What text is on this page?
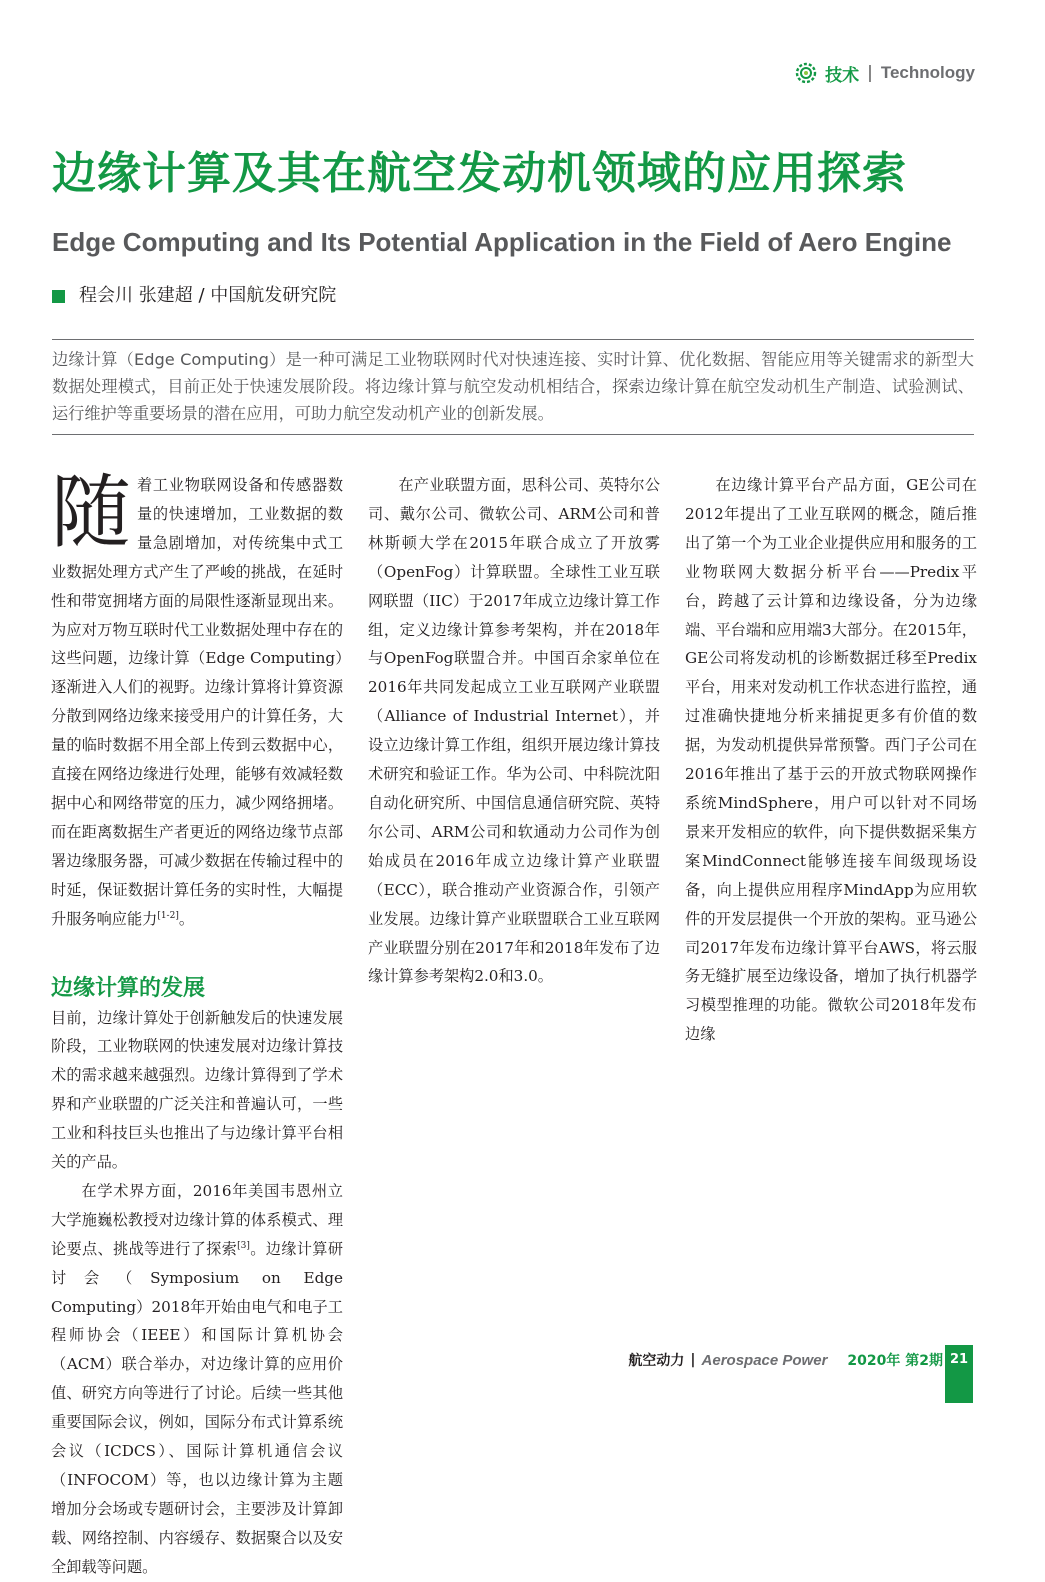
技术 | Technology
边缘计算及其在航空发动机领域的应用探索
Edge Computing and Its Potential Application in the Field of Aero Engine
程会川 张建超 / 中国航发研究院
边缘计算（Edge Computing）是一种可满足工业物联网时代对快速连接、实时计算、优化数据、智能应用等关键需求的新型大数据处理模式，目前正处于快速发展阶段。将边缘计算与航空发动机相结合，探索边缘计算在航空发动机生产制造、试验测试、运行维护等重要场景的潜在应用，可助力航空发动机产业的创新发展。
随 着工业物联网设备和传感器数量的快速增加，工业数据的数量急剧增加，对传统集中式工业数据处理方式产生了严峻的挑战，在延时性和带宽拥堵方面的局限性逐渐显现出来。为应对万物互联时代工业数据处理中存在的这些问题，边缘计算（Edge Computing）逐渐进入人们的视野。边缘计算将计算资源分散到网络边缘来接受用户的计算任务，大量的临时数据不用全部上传到云数据中心，直接在网络边缘进行处理，能够有效减轻数据中心和网络带宽的压力，减少网络拥堵。而在距离数据生产者更近的网络边缘节点部署边缘服务器，可减少数据在传输过程中的时延，保证数据计算任务的实时性，大幅提升服务响应能力[1-2]。

边缘计算的发展

目前，边缘计算处于创新触发后的快速发展阶段，工业物联网的快速发展对边缘计算技术的需求越来越强烈。边缘计算得到了学术界和产业联盟的广泛关注和普遍认可，一些工业和科技巨头也推出了与边缘计算平台相关的产品。

在学术界方面，2016年美国韦恩州立大学施巍松教授对边缘计算的体系模式、理论要点、挑战等进行了探索[3]。边缘计算研讨会（Symposium on Edge Computing）2018年开始由电气和电子工程师协会（IEEE）和国际计算机协会（ACM）联合举办，对边缘计算的应用价值、研究方向等进行了讨论。后续一些其他重要国际会议，例如，国际分布式计算系统会议（ICDCS）、国际计算机通信会议（INFOCOM）等，也以边缘计算为主题增加分会场或专题研讨会，主要涉及计算卸载、网络控制、内容缓存、数据聚合以及安全卸载等问题。

在产业联盟方面，思科公司、英特尔公司、戴尔公司、微软公司、ARM公司和普林斯顿大学在2015年联合成立了开放雾（OpenFog）计算联盟。全球性工业互联网联盟（IIC）于2017年成立边缘计算工作组，定义边缘计算参考架构，并在2018年与OpenFog联盟合并。中国百余家单位在2016年共同发起成立工业互联网产业联盟（Alliance of Industrial Internet），并设立边缘计算工作组，组织开展边缘计算技术研究和验证工作。华为公司、中科院沈阳自动化研究所、中国信息通信研究院、英特尔公司、ARM公司和软通动力公司作为创始成员在2016年成立边缘计算产业联盟（ECC），联合推动产业资源合作，引领产业发展。边缘计算产业联盟联合工业互联网产业联盟分别在2017年和2018年发布了边缘计算参考架构2.0和3.0。

在边缘计算平台产品方面，GE公司在2012年提出了工业互联网的概念，随后推出了第一个为工业企业提供应用和服务的工业物联网大数据分析平台——Predix平台，跨越了云计算和边缘设备，分为边缘端、平台端和应用端3大部分。在2015年，GE公司将发动机的诊断数据迁移至Predix平台，用来对发动机工作状态进行监控，通过准确快捷地分析来捕捉更多有价值的数据，为发动机提供异常预警。西门子公司在2016年推出了基于云的开放式物联网操作系统MindSphere，用户可以针对不同场景来开发相应的软件，向下提供数据采集方案MindConnect能够连接车间级现场设备，向上提供应用程序MindApp为应用软件的开发层提供一个开放的架构。亚马逊公司2017年发布边缘计算平台AWS，将云服务无缝扩展至边缘设备，增加了执行机器学习模型推理的功能。微软公司2018年发布边缘

航空动力 | Aerospace Power 2020年 第2期 21
